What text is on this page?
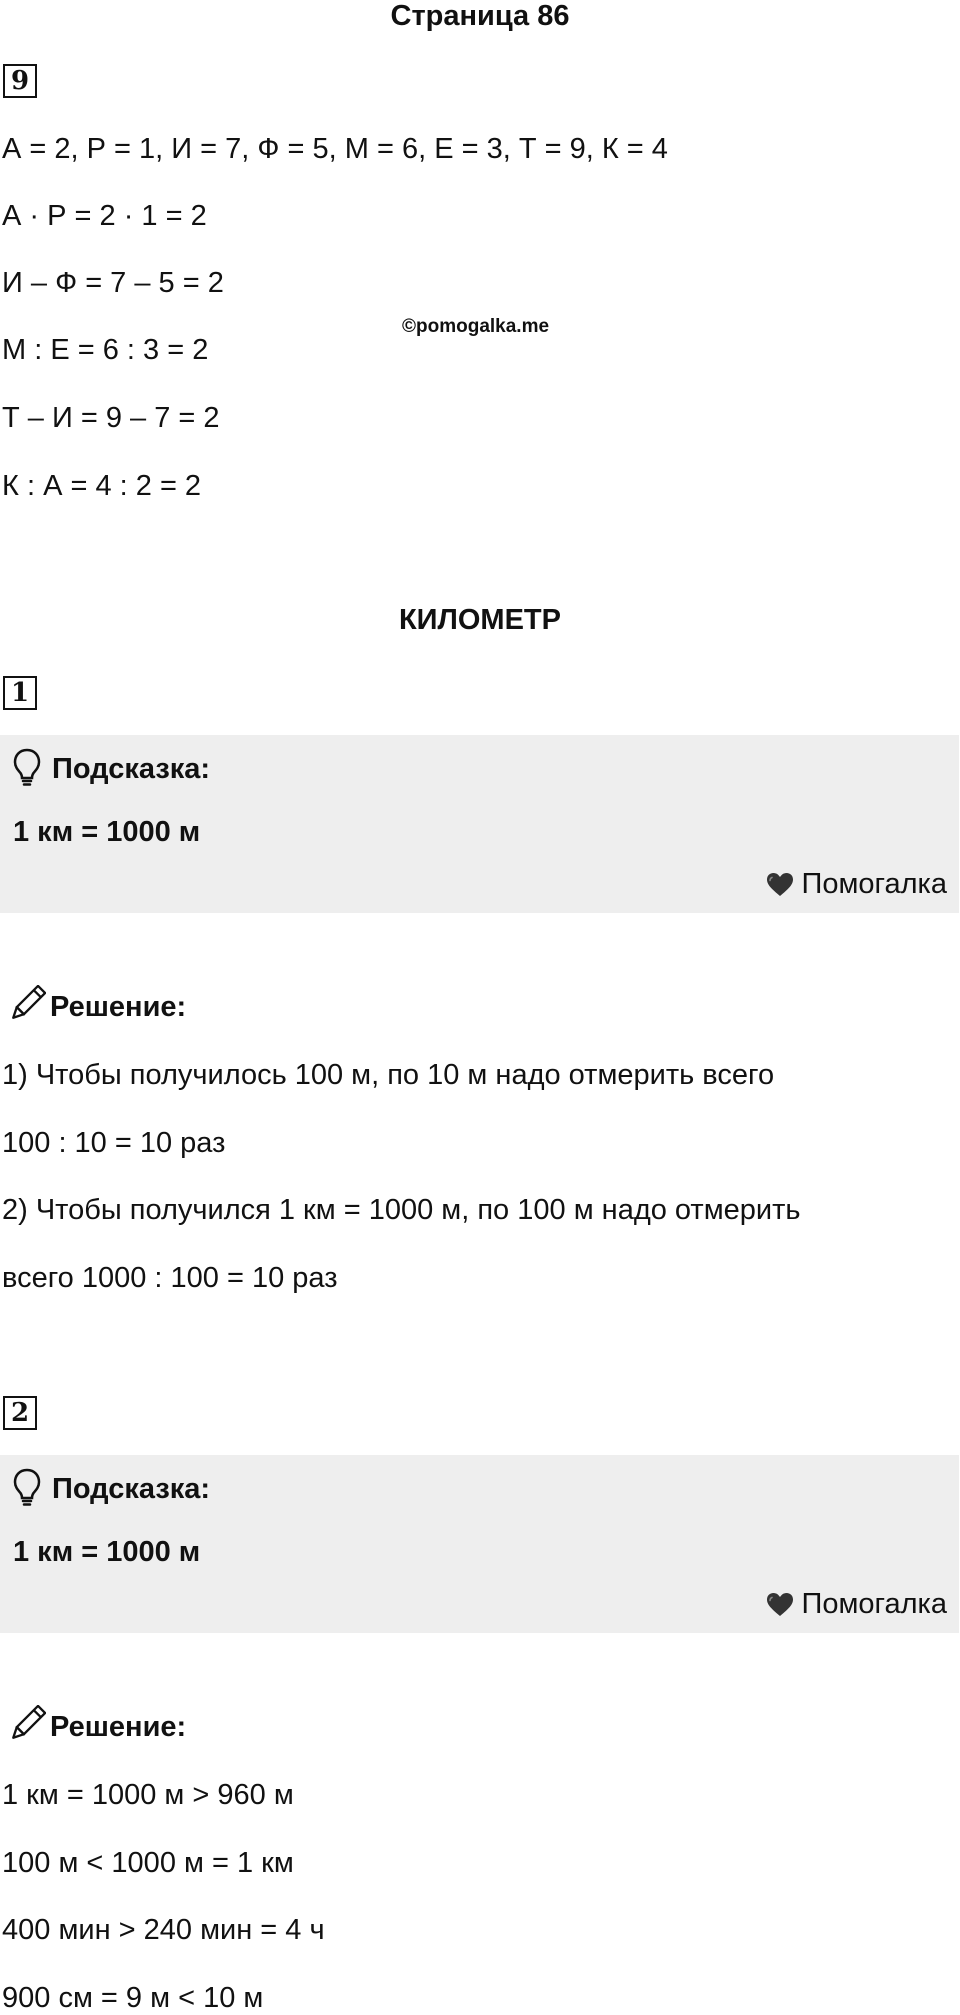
Страница 86
9
А = 2, Р = 1, И = 7, Ф = 5, М = 6, Е = 3, Т = 9, К = 4
А · Р = 2 · 1 = 2
И – Ф = 7 – 5 = 2
М : Е = 6 : 3 = 2
Т – И = 9 – 7 = 2
К : А = 4 : 2 = 2
©pomogalka.me
КИЛОМЕТР
1
Подсказка:
1 км = 1000 м
Помогалка
Решение:
1) Чтобы получилось 100 м, по 10 м надо отмерить всего
100 : 10 = 10 раз
2) Чтобы получился 1 км = 1000 м, по 100 м надо отмерить
всего 1000 : 100 = 10 раз
2
Подсказка:
1 км = 1000 м
Помогалка
Решение:
1 км = 1000 м > 960 м
100 м < 1000 м = 1 км
400 мин > 240 мин = 4 ч
900 см = 9 м < 10 м
